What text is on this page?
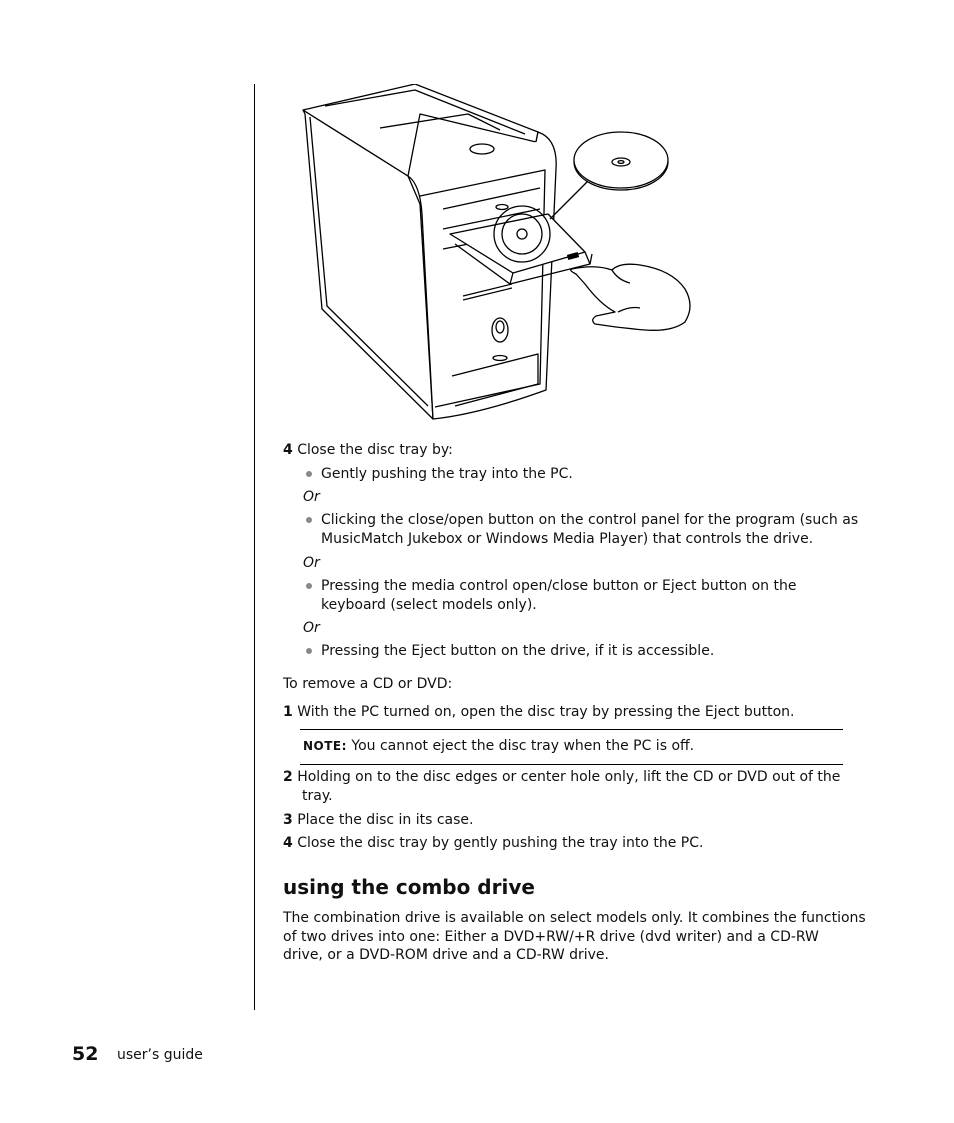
4 Close the disc tray by:
Gently pushing the tray into the PC.
Or
Clicking the close/open button on the control panel for the program (such as
MusicMatch Jukebox or Windows Media Player) that controls the drive.
Or
Pressing the media control open/close button or Eject button on the
keyboard (select models only).
Or
Pressing the Eject button on the drive, if it is accessible.
To remove a CD or DVD:
1 With the PC turned on, open the disc tray by pressing the Eject button.
NOTE: You cannot eject the disc tray when the PC is off.
2 Holding on to the disc edges or center hole only, lift the CD or DVD out of the
tray.
3 Place the disc in its case.
4 Close the disc tray by gently pushing the tray into the PC.
using the combo drive
The combination drive is available on select models only. It combines the functions
of two drives into one: Either a DVD+RW/+R drive (dvd writer) and a CD-RW
drive, or a DVD-ROM drive and a CD-RW drive.
52 user’s guide
